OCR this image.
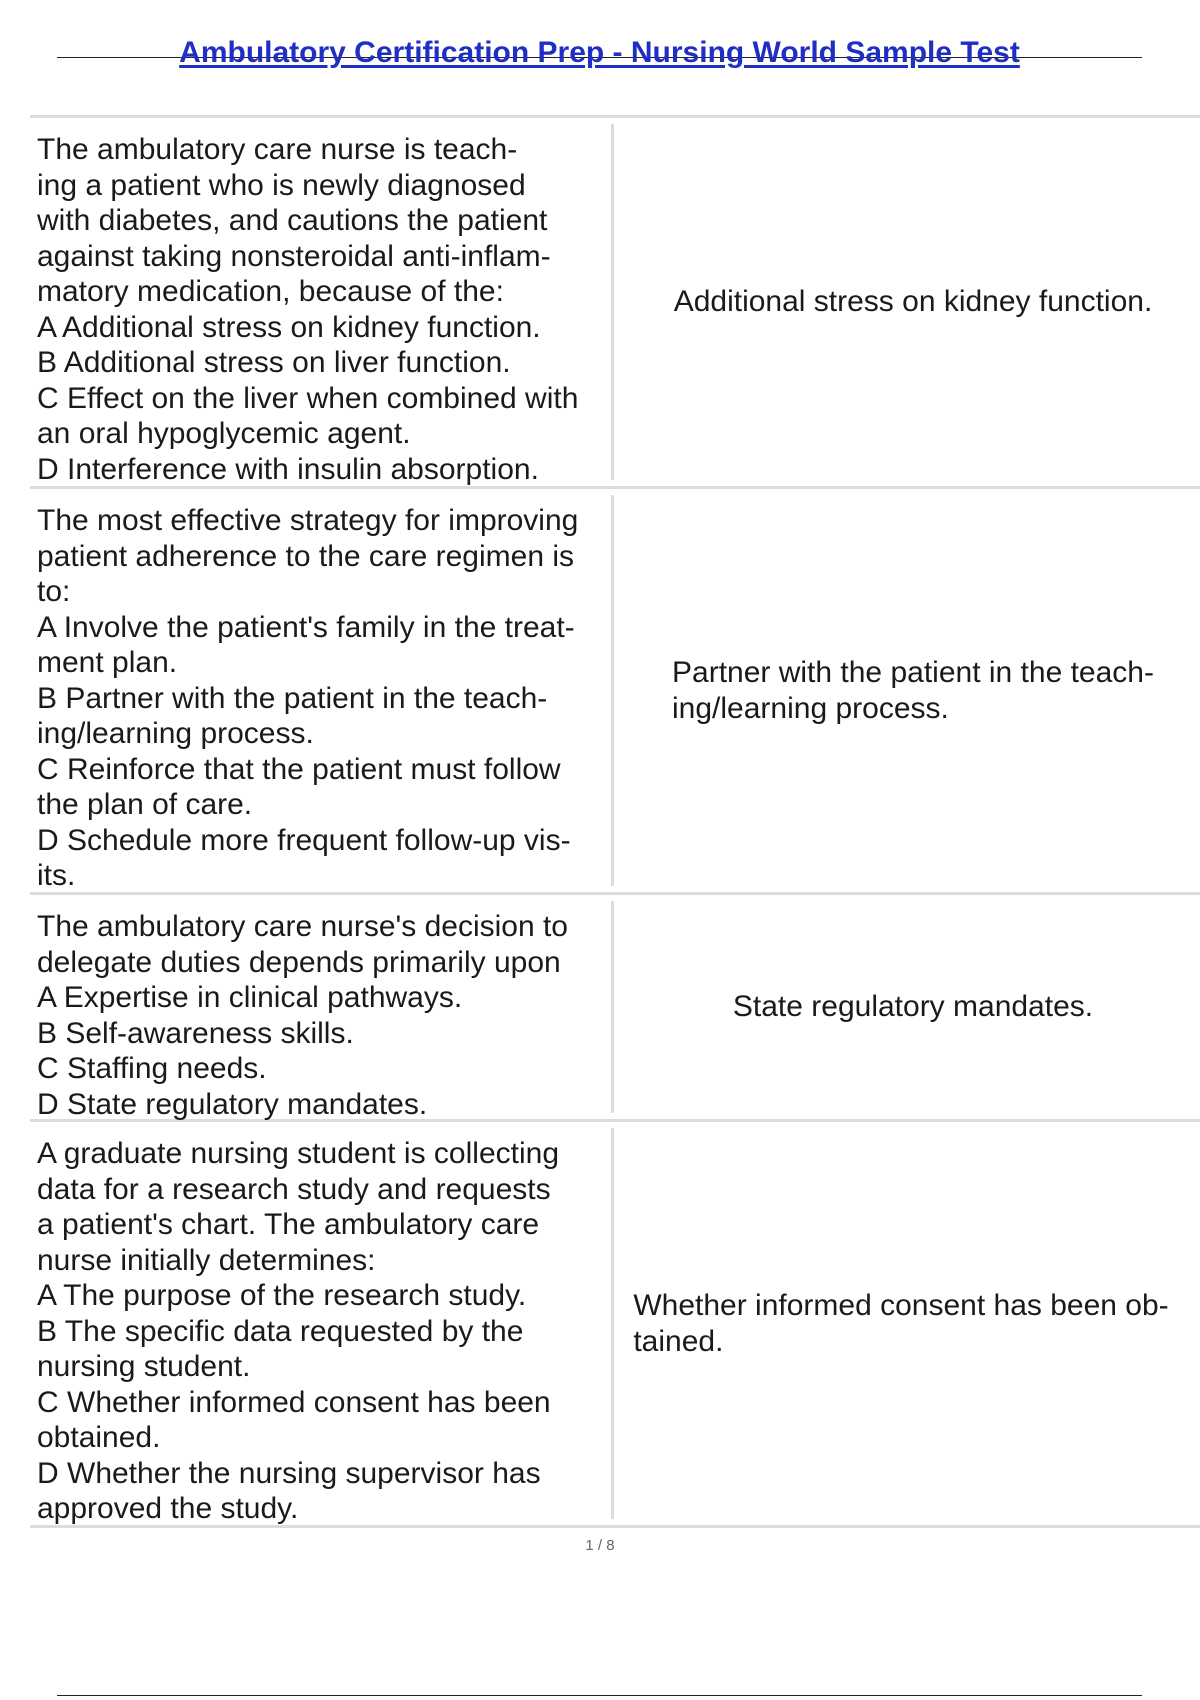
Ambulatory Certification Prep - Nursing World Sample Test
The ambulatory care nurse is teach-
ing a patient who is newly diagnosed
with diabetes, and cautions the patient
against taking nonsteroidal anti-inflam-
matory medication, because of the:
A Additional stress on kidney function.
B Additional stress on liver function.
C Effect on the liver when combined with
an oral hypoglycemic agent.
D Interference with insulin absorption.
Additional stress on kidney function.
The most effective strategy for improving
patient adherence to the care regimen is
to:
A Involve the patient's family in the treat-
ment plan.
B Partner with the patient in the teach-
ing/learning process.
C Reinforce that the patient must follow
the plan of care.
D Schedule more frequent follow-up vis-
its.
Partner with the patient in the teach-
ing/learning process.
The ambulatory care nurse's decision to
delegate duties depends primarily upon
A Expertise in clinical pathways.
B Self-awareness skills.
C Staffing needs.
D State regulatory mandates.
State regulatory mandates.
A graduate nursing student is collecting
data for a research study and requests
a patient's chart. The ambulatory care
nurse initially determines:
A The purpose of the research study.
B The specific data requested by the
nursing student.
C Whether informed consent has been
obtained.
D Whether the nursing supervisor has
approved the study.
Whether informed consent has been ob-
tained.
1 / 8
